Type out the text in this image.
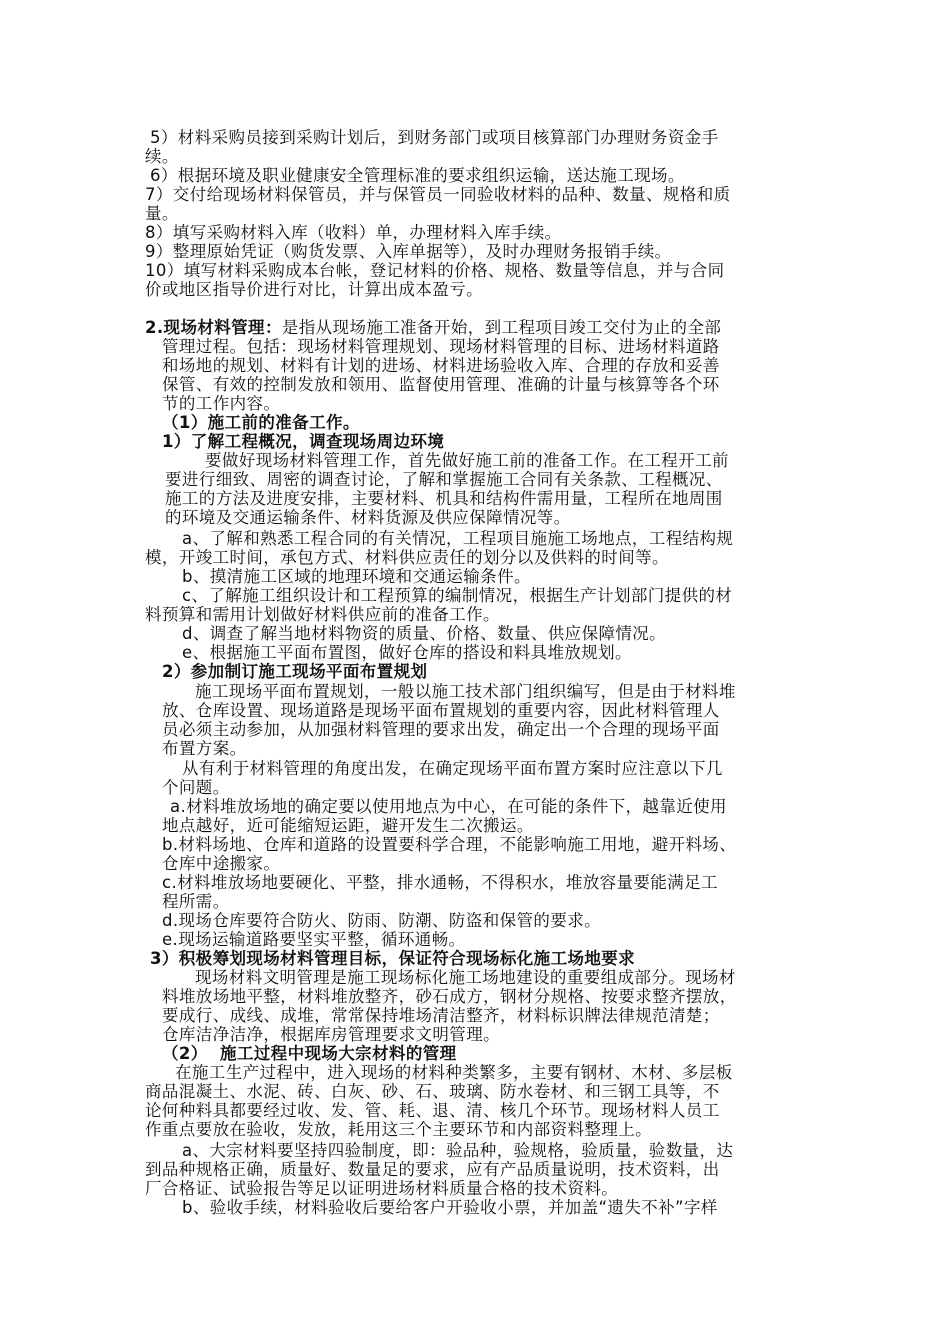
5）材料采购员接到采购计划后，到财务部门或项目核算部门办理财务资金手
续。
6）根据环境及职业健康安全管理标准的要求组织运输，送达施工现场。
7）交付给现场材料保管员，并与保管员一同验收材料的品种、数量、规格和质
量。
8）填写采购材料入库（收料）单，办理材料入库手续。
9）整理原始凭证（购货发票、入库单据等），及时办理财务报销手续。
10）填写材料采购成本台帐，登记材料的价格、规格、数量等信息，并与合同
价或地区指导价进行对比，计算出成本盈亏。
2.现场材料管理：是指从现场施工准备开始，到工程项目竣工交付为止的全部
管理过程。包括：现场材料管理规划、现场材料管理的目标、进场材料道路
和场地的规划、材料有计划的进场、材料进场验收入库、合理的存放和妥善
保管、有效的控制发放和领用、监督使用管理、准确的计量与核算等各个环
节的工作内容。
（1）施工前的准备工作。
1）了解工程概况，调查现场周边环境
要做好现场材料管理工作，首先做好施工前的准备工作。在工程开工前
要进行细致、周密的调查讨论，了解和掌握施工合同有关条款、工程概况、
施工的方法及进度安排，主要材料、机具和结构件需用量，工程所在地周围
的环境及交通运输条件、材料货源及供应保障情况等。
a、了解和熟悉工程合同的有关情况，工程项目施施工场地点，工程结构规
模，开竣工时间，承包方式、材料供应责任的划分以及供料的时间等。
b、摸清施工区域的地理环境和交通运输条件。
c、了解施工组织设计和工程预算的编制情况，根据生产计划部门提供的材
料预算和需用计划做好材料供应前的准备工作。
d、调查了解当地材料物资的质量、价格、数量、供应保障情况。
e、根据施工平面布置图，做好仓库的搭设和料具堆放规划。
2）参加制订施工现场平面布置规划
施工现场平面布置规划，一般以施工技术部门组织编写，但是由于材料堆
放、仓库设置、现场道路是现场平面布置规划的重要内容，因此材料管理人
员必须主动参加，从加强材料管理的要求出发，确定出一个合理的现场平面
布置方案。
从有利于材料管理的角度出发，在确定现场平面布置方案时应注意以下几
个问题。
a.材料堆放场地的确定要以使用地点为中心，在可能的条件下，越靠近使用
地点越好，近可能缩短运距，避开发生二次搬运。
b.材料场地、仓库和道路的设置要科学合理，不能影响施工用地，避开料场、
仓库中途搬家。
c.材料堆放场地要硬化、平整，排水通畅，不得积水，堆放容量要能满足工
程所需。
d.现场仓库要符合防火、防雨、防潮、防盗和保管的要求。
e.现场运输道路要坚实平整，循环通畅。
3）积极筹划现场材料管理目标，保证符合现场标化施工场地要求
现场材料文明管理是施工现场标化施工场地建设的重要组成部分。现场材
料堆放场地平整，材料堆放整齐，砂石成方，钢材分规格、按要求整齐摆放，
要成行、成线、成堆，常常保持堆场清洁整齐，材料标识牌法律规范清楚；
仓库洁净洁净，根据库房管理要求文明管理。
（2）  施工过程中现场大宗材料的管理
在施工生产过程中，进入现场的材料种类繁多，主要有钢材、木材、多层板
商品混凝土、水泥、砖、白灰、砂、石、玻璃、防水卷材、和三钢工具等，不
论何种料具都要经过收、发、管、耗、退、清、核几个环节。现场材料人员工
作重点要放在验收，发放，耗用这三个主要环节和内部资料整理上。
a、大宗材料要坚持四验制度，即：验品种，验规格，验质量，验数量，达
到品种规格正确，质量好、数量足的要求，应有产品质量说明，技术资料，出
厂合格证、试验报告等足以证明进场材料质量合格的技术资料。
b、验收手续，材料验收后要给客户开验收小票，并加盖“遗失不补”字样
